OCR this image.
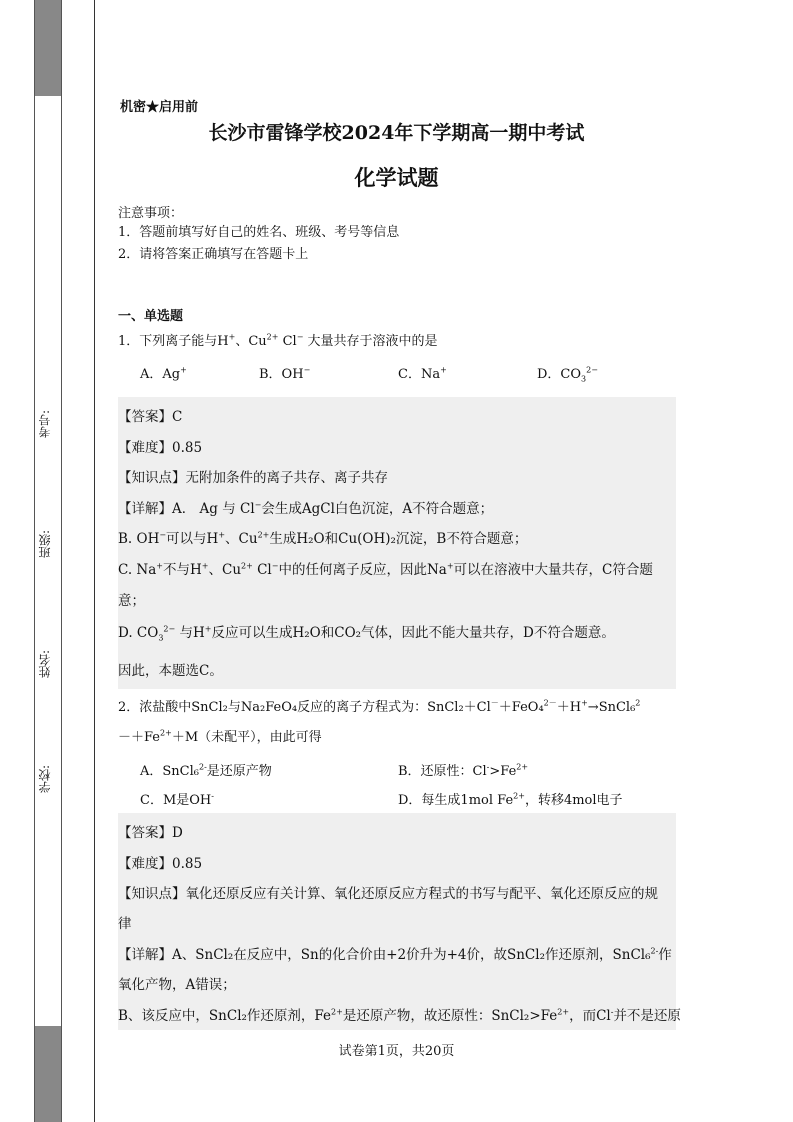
考号:
班级:
姓名:
学校:
机密★启用前
长沙市雷锋学校2024年下学期高一期中考试
化学试题
注意事项：
1．答题前填写好自己的姓名、班级、考号等信息
2．请将答案正确填写在答题卡上
一、单选题
1．下列离子能与H+、$Cu^{2+}$ Cl− 大量共存于溶液中的是
A．Ag+	B．OH−	C．Na+	D．$CO_3^{2-}$
【答案】C
【难度】0.85
【知识点】无附加条件的离子共存、离子共存
【详解】A． Ag 与 Cl−会生成AgCl白色沉淀，A不符合题意；
B. OH−可以与H+、$Cu^{2+}$生成H₂O和Cu(OH)₂沉淀，B不符合题意；
C. Na+不与H+、$Cu^{2+}$ Cl−中的任何离子反应，因此Na+可以在溶液中大量共存，C符合题
意；
D. $CO_3^{2-}$ 与H+反应可以生成H₂O和CO₂气体，因此不能大量共存，D不符合题意。
因此，本题选C。
2．浓盐酸中SnCl₂与Na₂FeO₄反应的离子方程式为：SnCl₂＋Cl－＋FeO₄$^{2-}$＋H+→SnCl₆$^2$
$-+Fe^{2+}+M$（未配平），由此可得
A．SnCl₆$^{2-}$是还原产物	B．还原性：$Cl^->Fe^{2+}$
C．M是OH-	D．每生成1mol $Fe^{2+}$，转移4mol电子
【答案】D
【难度】0.85
【知识点】氧化还原反应有关计算、氧化还原反应方程式的书写与配平、氧化还原反应的规
律
【详解】A、SnCl₂在反应中，Sn的化合价由+2价升为+4价，故SnCl₂作还原剂，SnCl₆$^{2-}$作
氧化产物，A错误；
B、该反应中，SnCl₂作还原剂，$Fe^{2+}$是还原产物，故还原性：$SnCl_2>Fe^{2+}$，而Cl-并不是还原
试卷第1页，共20页
